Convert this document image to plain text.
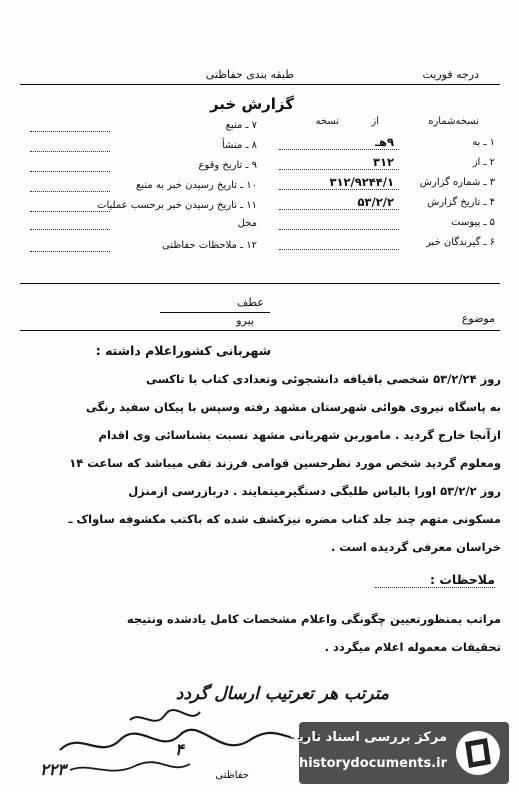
درجه فوریت
طبقه بندی حفاظتی
گزارش خبر
نسخه‌شماره
از
نسخه
۱ ـ به
۹هـ
۲ ـ از
۳۱۲
۳ ـ شماره گزارش
۳۱۲/۹۲۴۴/۱
۴ ـ تاریخ گزارش
۵۳/۲/۲
۵ ـ پیوست
۶ ـ گیرندگان خبر
۷ ـ منبع
۸ ـ منشأ
۹ ـ تاریخ وقوع
۱۰ ـ تاریخ رسیدن خبر به منبع
۱۱ ـ تاریخ رسیدن خبر برحسب عملیات
محل
۱۲ ـ ملاحظات حفاظتی
عطف
پیرو	موضوع
شهربانی کشوراعلام داشته :
روز ۵۳/۲/۲۴ شخصی باقیافه دانشجوئی وتعدادی کتاب با تاکسی
به پاسگاه نیروی هوائی شهرستان مشهد رفته وسپس با پیکان سفید رنگی
ازآنجا خارج گردید . ماموربن شهربانی مشهد نسبت بشناسائی وی اقدام
ومعلوم گردید شخص مورد نظرحسین قوامی فرزند تقی میباشد که ساعت ۱۴
روز ۵۳/۲/۲ اورا بالباس طلبگی دستگیرمینمایند . دربازرسی ازمنزل
مسکونی متهم چند جلد کتاب مضره نیزکشف شده که باکتب مکشوفه ساواک ـ
خراسان معرفی گردیده است .
ملاحظات :
مراتب بمنظورتعیین چگونگی واعلام مشخصات کامل یادشده ونتیجه
تحقیقات معموله اعلام میگردد .
مترتب هر تعرتیب ارسال گردد
۴
۲۲۳	حفاظتی
مرکز بررسی اسناد تاریخی
historydocuments.ir
